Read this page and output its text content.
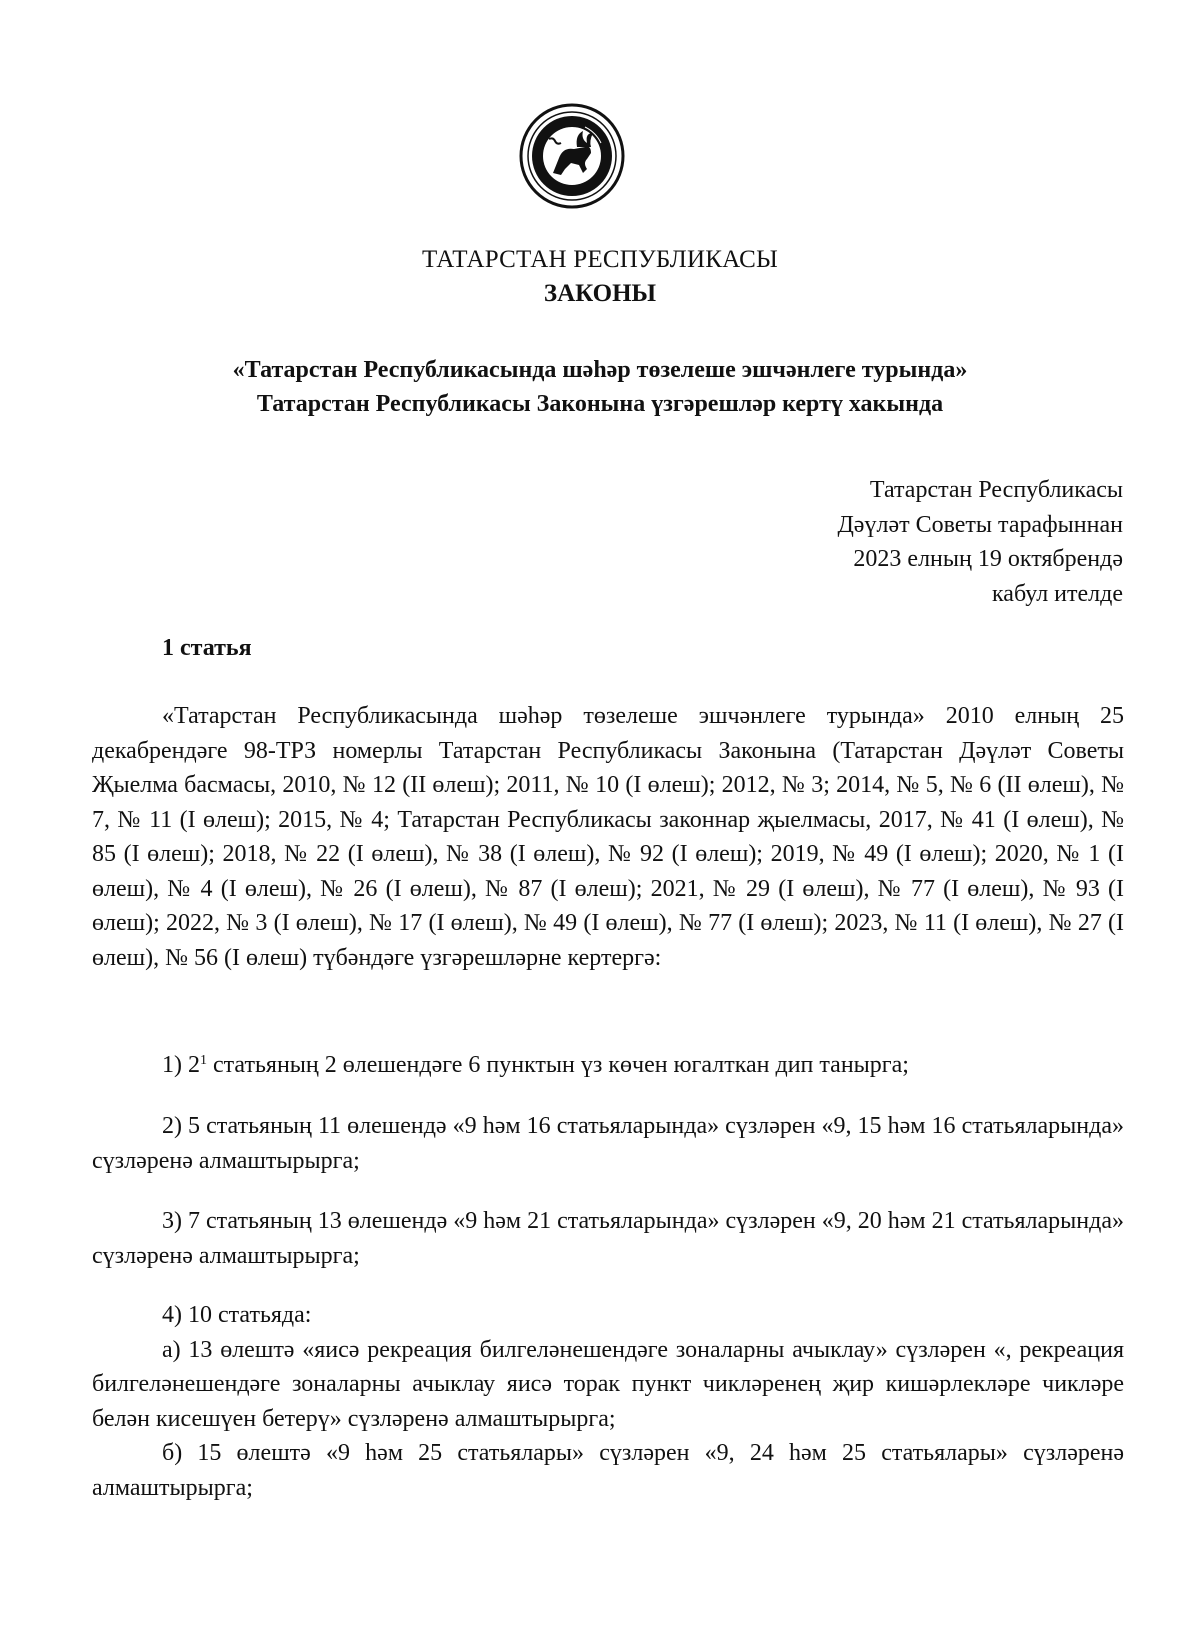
ТАТАРСТАН РЕСПУБЛИКАСЫ
ЗАКОНЫ
«Татарстан Республикасында шәһәр төзелеше эшчәнлеге турында»
Татарстан Республикасы Законына үзгәрешләр кертү хакында
Татарстан Республикасы
Дәүләт Советы тарафыннан
2023 елның 19 октябрендә
кабул ителде
1 статья

«Татарстан Республикасында шәһәр төзелеше эшчәнлеге турында» 2010 елның 25 декабрендәге 98-ТРЗ номерлы Татарстан Республикасы Законына (Татарстан Дәүләт Советы Җыелма басмасы, 2010, № 12 (II өлеш); 2011, № 10 (I өлеш); 2012, № 3; 2014, № 5, № 6 (II өлеш), № 7, № 11 (I өлеш); 2015, № 4; Татарстан Республикасы законнар җыелмасы, 2017, № 41 (I өлеш), № 85 (I өлеш); 2018, № 22 (I өлеш), № 38 (I өлеш), № 92 (I өлеш); 2019, № 49 (I өлеш); 2020, № 1 (I өлеш), № 4 (I өлеш), № 26 (I өлеш), № 87 (I өлеш); 2021, № 29 (I өлеш), № 77 (I өлеш), № 93 (I өлеш); 2022, № 3 (I өлеш), № 17 (I өлеш), № 49 (I өлеш), № 77 (I өлеш); 2023, № 11 (I өлеш), № 27 (I өлеш), № 56 (I өлеш) түбәндәге үзгәрешләрне кертергә:

1) $2^1$ статьяның 2 өлешендәге 6 пунктын үз көчен югалткан дип танырга;

2) 5 статьяның 11 өлешендә «9 һәм 16 статьяларында» сүзләрен «9, 15 һәм 16 статьяларында» сүзләренә алмаштырырга;

3) 7 статьяның 13 өлешендә «9 һәм 21 статьяларында» сүзләрен «9, 20 һәм 21 статьяларында» сүзләренә алмаштырырга;

4) 10 статьяда:

а) 13 өлештә «яисә рекреация билгеләнешендәге зоналарны ачыклау» сүзләрен «, рекреация билгеләнешендәге зоналарны ачыклау яисә торак пункт чикләренең җир кишәрлекләре чикләре белән кисешүен бетерү» сүзләренә алмаштырырга;

б) 15 өлештә «9 һәм 25 статьялары» сүзләрен «9, 24 һәм 25 статьялары» сүзләренә алмаштырырга;
